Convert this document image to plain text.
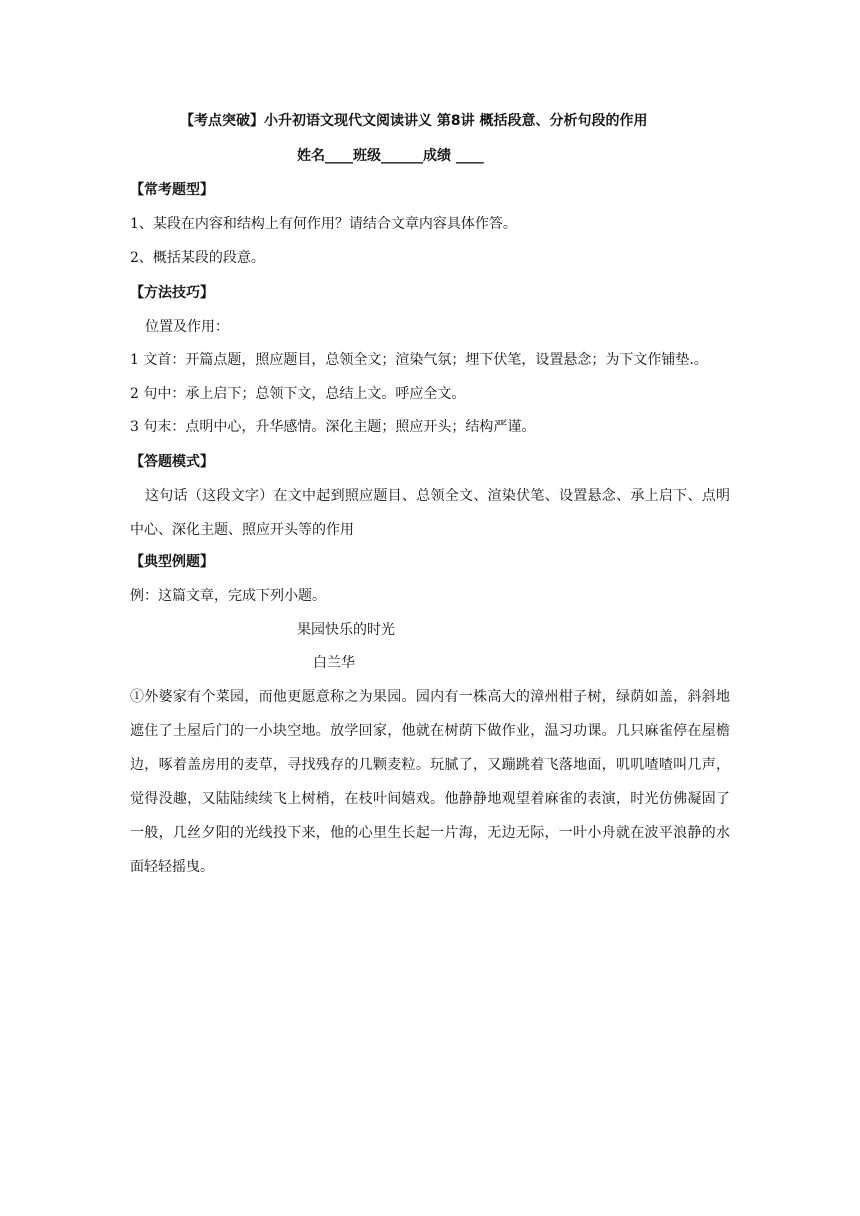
【考点突破】小升初语文现代文阅读讲义 第8讲 概括段意、分析句段的作用
姓名____班级______成绩 ____
【常考题型】
1、某段在内容和结构上有何作用？请结合文章内容具体作答。
2、概括某段的段意。
【方法技巧】
位置及作用：
1 文首：开篇点题，照应题目，总领全文；渲染气氛；埋下伏笔，设置悬念；为下文作铺垫.。
2 句中：承上启下；总领下文，总结上文。呼应全文。
3 句末：点明中心，升华感情。深化主题；照应开头；结构严谨。
【答题模式】
这句话（这段文字）在文中起到照应题目、总领全文、渲染伏笔、设置悬念、承上启下、点明中心、深化主题、照应开头等的作用
【典型例题】
例：这篇文章，完成下列小题。
果园快乐的时光
白兰华
①外婆家有个菜园，而他更愿意称之为果园。园内有一株高大的漳州柑子树，绿荫如盖，斜斜地遮住了土屋后门的一小块空地。放学回家，他就在树荫下做作业，温习功课。几只麻雀停在屋檐边，啄着盖房用的麦草，寻找残存的几颗麦粒。玩腻了，又蹦跳着飞落地面，叽叽喳喳叫几声，觉得没趣，又陆陆续续飞上树梢，在枝叶间嬉戏。他静静地观望着麻雀的表演，时光仿佛凝固了一般，几丝夕阳的光线投下来，他的心里生长起一片海，无边无际，一叶小舟就在波平浪静的水面轻轻摇曳。
